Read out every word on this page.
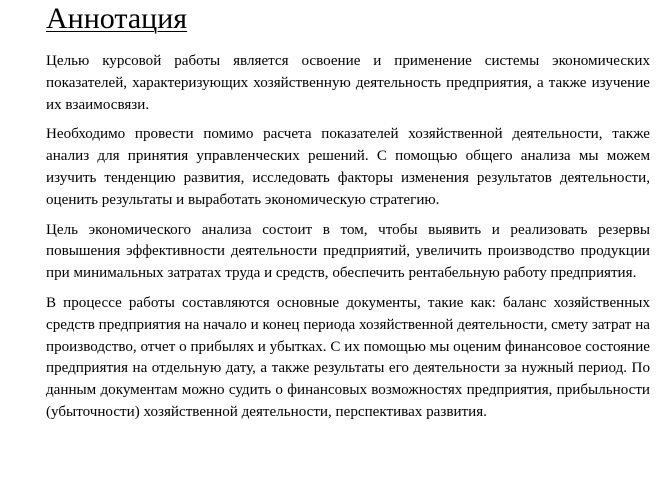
Аннотация

Целью курсовой работы является освоение и применение системы экономических показателей, характеризующих хозяйственную деятельность предприятия, а также изучение их взаимосвязи.

Необходимо провести помимо расчета показателей хозяйственной деятельности, также анализ для принятия управленческих решений. С помощью общего анализа мы можем изучить тенденцию развития, исследовать факторы изменения результатов деятельности, оценить результаты и выработать экономическую стратегию.

Цель экономического анализа состоит в том, чтобы выявить и реализовать резервы повышения эффективности деятельности предприятий, увеличить производство продукции при минимальных затратах труда и средств, обеспечить рентабельную работу предприятия.

В процессе работы составляются основные документы, такие как: баланс хозяйственных средств предприятия на начало и конец периода хозяйственной деятельности, смету затрат на производство, отчет о прибылях и убытках. С их помощью мы оценим финансовое состояние предприятия на отдельную дату, а также результаты его деятельности за нужный период. По данным документам можно судить о финансовых возможностях предприятия, прибыльности (убыточности) хозяйственной деятельности, перспективах развития.
